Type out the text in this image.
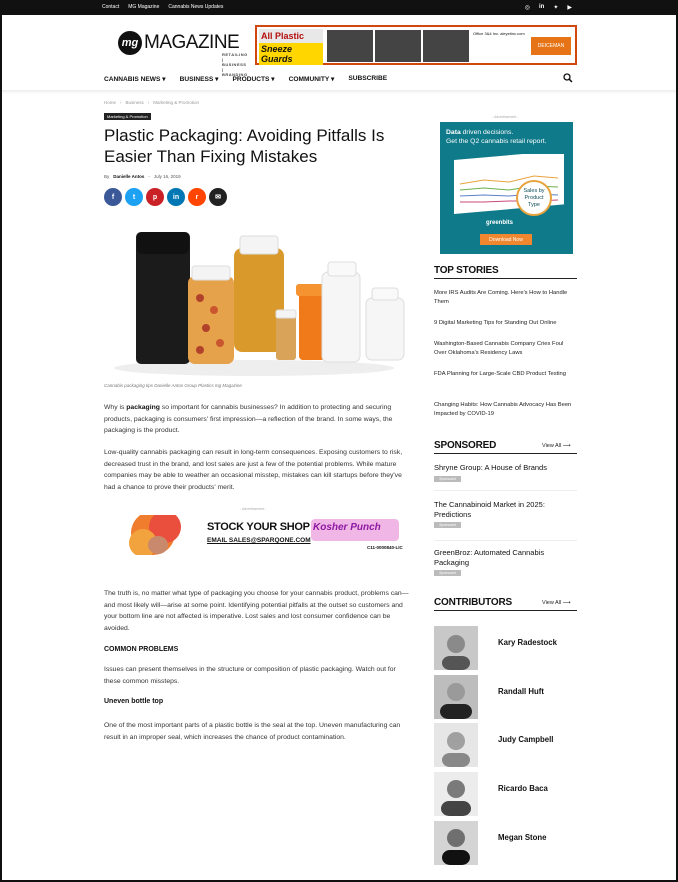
Contact MG Magazine Cannabis News Updates	◎ in ✦ ▶
mg MAGAZINE
RETAILING | BUSINESS | BRANDING
All Plastic
Sneeze Guards
Office 3&4 Inc. aleyetinc.com
DEICEMAN
CANNABIS NEWS ▾ BUSINESS ▾ PRODUCTS ▾ COMMUNITY ▾ SUBSCRIBE
Home › Business › Marketing & Promotion
Marketing & Promotion
Plastic Packaging: Avoiding Pitfalls Is Easier Than Fixing Mistakes
By Danielle Antos - July 16, 2019
f	t	p	in	r	✉
Cannabis packaging tips Danielle Antos Group Plastics mg Magazine

Why is packaging so important for cannabis businesses? In addition to protecting and securing products, packaging is consumers' first impression—a reflection of the brand. In some ways, the packaging is the product.

Low-quality cannabis packaging can result in long-term consequences. Exposing customers to risk, decreased trust in the brand, and lost sales are just a few of the potential problems. While mature companies may be able to weather an occasional misstep, mistakes can kill startups before they've had a chance to prove their products' merit.

- Advertisement -
STOCK YOUR SHOP
EMAIL SALES@SPARQONE.COM
Kosher Punch
C11-0000840-LIC

The truth is, no matter what type of packaging you choose for your cannabis product, problems can—and most likely will—arise at some point. Identifying potential pitfalls at the outset so customers and your bottom line are not affected is imperative. Lost sales and lost consumer confidence can be avoided.

COMMON PROBLEMS

Issues can present themselves in the structure or composition of plastic packaging. Watch out for these common missteps.

Uneven bottle top

One of the most important parts of a plastic bottle is the seal at the top. Uneven manufacturing can result in an improper seal, which increases the chance of product contamination.

- Advertisement -
Data driven decisions.
Get the Q2 cannabis retail report.
Sales by Product Type
greenbits
Download Now
TOP STORIES
More IRS Audits Are Coming. Here's How to Handle Them
9 Digital Marketing Tips for Standing Out Online
Washington-Based Cannabis Company Cries Foul Over Oklahoma's Residency Laws
FDA Planning for Large-Scale CBD Product Testing
Changing Habits: How Cannabis Advocacy Has Been Impacted by COVID-19
SPONSORED	View All ⟶
Shryne Group: A House of Brands
Sponsored
The Cannabinoid Market in 2025:
Predictions
Sponsored
GreenBroz: Automated Cannabis Packaging
Sponsored
CONTRIBUTORS	View All ⟶
Kary Radestock
Randall Huft
Judy Campbell
Ricardo Baca
Megan Stone
